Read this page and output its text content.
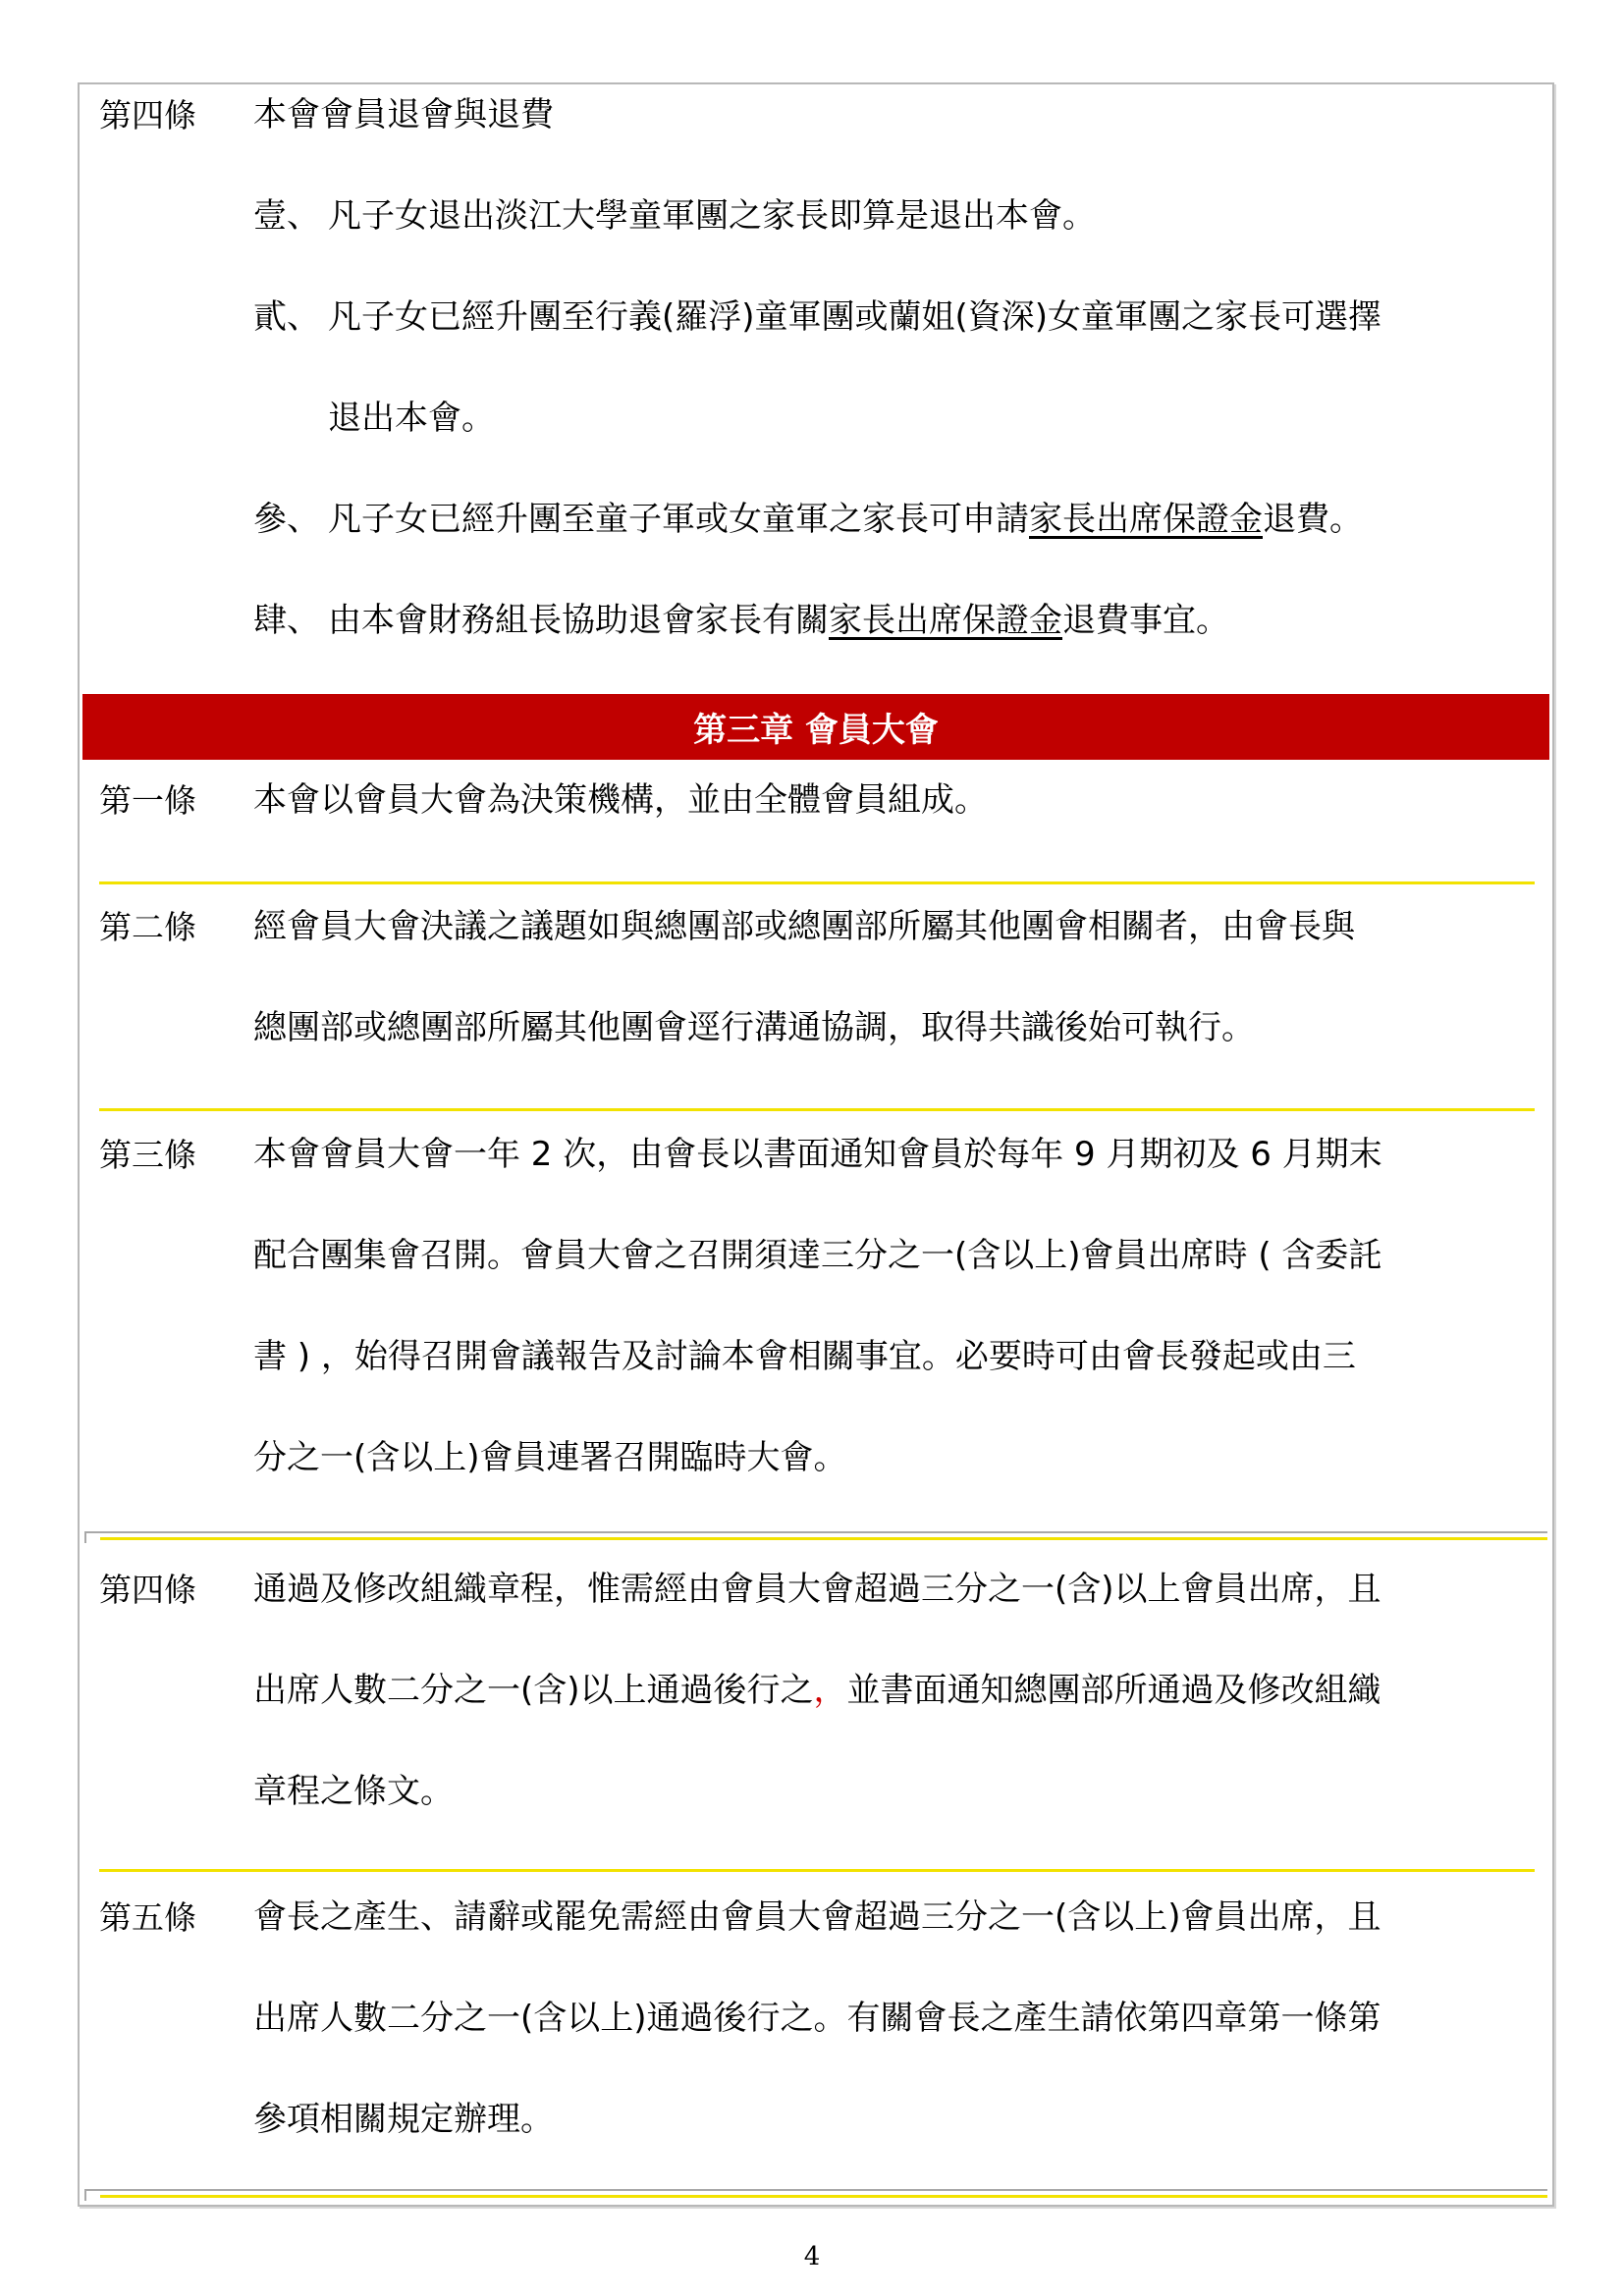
第四條	本會會員退會與退費
壹、 凡子女退出淡江大學童軍團之家長即算是退出本會。
貳、 凡子女已經升團至行義(羅浮)童軍團或蘭姐(資深)女童軍團之家長可選擇
退出本會。
參、 凡子女已經升團至童子軍或女童軍之家長可申請家長出席保證金退費。
肆、 由本會財務組長協助退會家長有關家長出席保證金退費事宜。
第三章 會員大會
第一條	本會以會員大會為決策機構，並由全體會員組成。
第二條	經會員大會決議之議題如與總團部或總團部所屬其他團會相關者，由會長與
總團部或總團部所屬其他團會逕行溝通協調，取得共識後始可執行。
第三條	本會會員大會一年 2 次，由會長以書面通知會員於每年 9 月期初及 6 月期末
配合團集會召開。會員大會之召開須達三分之一(含以上)會員出席時 ( 含委託
書 ) ，始得召開會議報告及討論本會相關事宜。必要時可由會長發起或由三
分之一(含以上)會員連署召開臨時大會。
第四條	通過及修改組織章程，惟需經由會員大會超過三分之一(含)以上會員出席，且
出席人數二分之一(含)以上通過後行之，並書面通知總團部所通過及修改組織
章程之條文。
第五條	會長之產生、請辭或罷免需經由會員大會超過三分之一(含以上)會員出席，且
出席人數二分之一(含以上)通過後行之。有關會長之產生請依第四章第一條第
參項相關規定辦理。
4
